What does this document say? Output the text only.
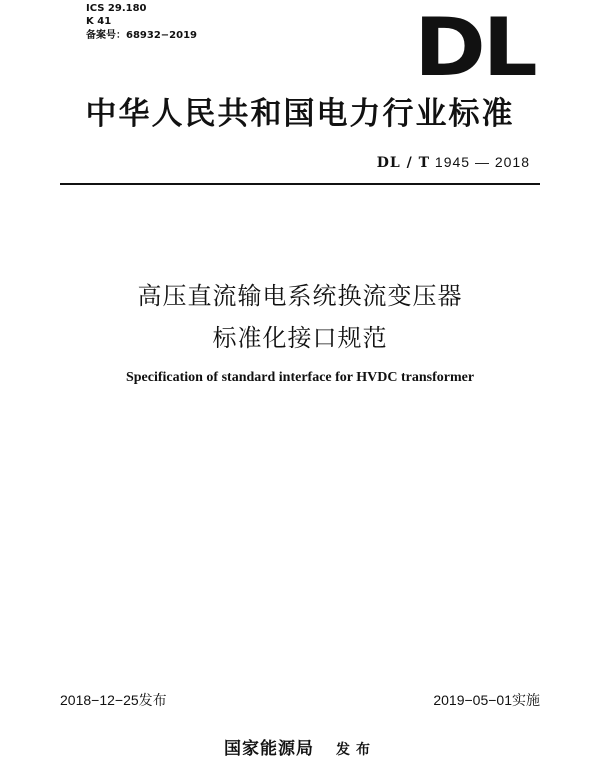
ICS 29.180
K 41
备案号：68932−2019	DL
中华人民共和国电力行业标准
DL / T 1945 — 2018
高压直流输电系统换流变压器
标准化接口规范
Specification of standard interface for HVDC transformer
2018−12−25发布	2019−05−01实施
国家能源局 发布
